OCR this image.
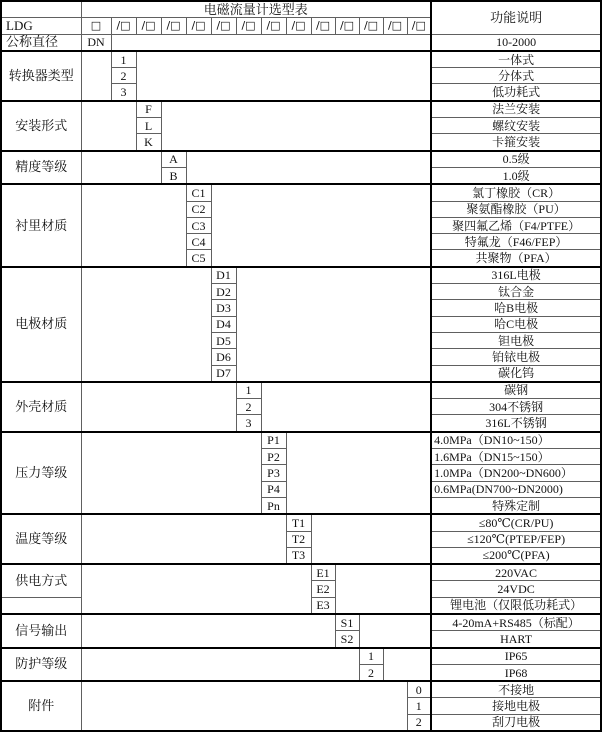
	电磁流量计选型表														功能说明
LDG	□	/□	/□	/□	/□	/□	/□	/□	/□	/□	/□	/□	/□	/□	
公称直径	DN														10-2000
转换器类型		1													一体式
		2													分体式
		3													低功耗式
安装形式			F												法兰安装
			L												螺纹安装
			K												卡箍安装
精度等级				A											0.5级
				B											1.0级
衬里材质					C1										氯丁橡胶（CR）
					C2										聚氨酯橡胶（PU）
					C3										聚四氟乙烯（F4/PTFE）
					C4										特氟龙（F46/FEP）
					C5										共聚物（PFA）
电极材质						D1									316L电极
						D2									钛合金
						D3									哈B电极
						D4									哈C电极
						D5									钽电极
						D6									铂铱电极
						D7									碳化钨
外壳材质							1								碳钢
							2								304不锈钢
							3								316L不锈钢
压力等级								P1							4.0MPa（DN10~150）
								P2							1.6MPa（DN15~150）
								P3							1.0MPa（DN200~DN600）
								P4							0.6MPa(DN700~DN2000)
								Pn							特殊定制
温度等级									T1						≤80℃(CR/PU)
									T2						≤120℃(PTEP/FEP)
									T3						≤200℃(PFA)
供电方式										E1					220VAC
										E2					24VDC
										E3					锂电池（仅限低功耗式）
信号输出											S1				4-20mA+RS485（标配）
											S2				HART
防护等级												1			IP65
												2			IP68
附件														0	不接地
														1	接地电极
														2	刮刀电极
